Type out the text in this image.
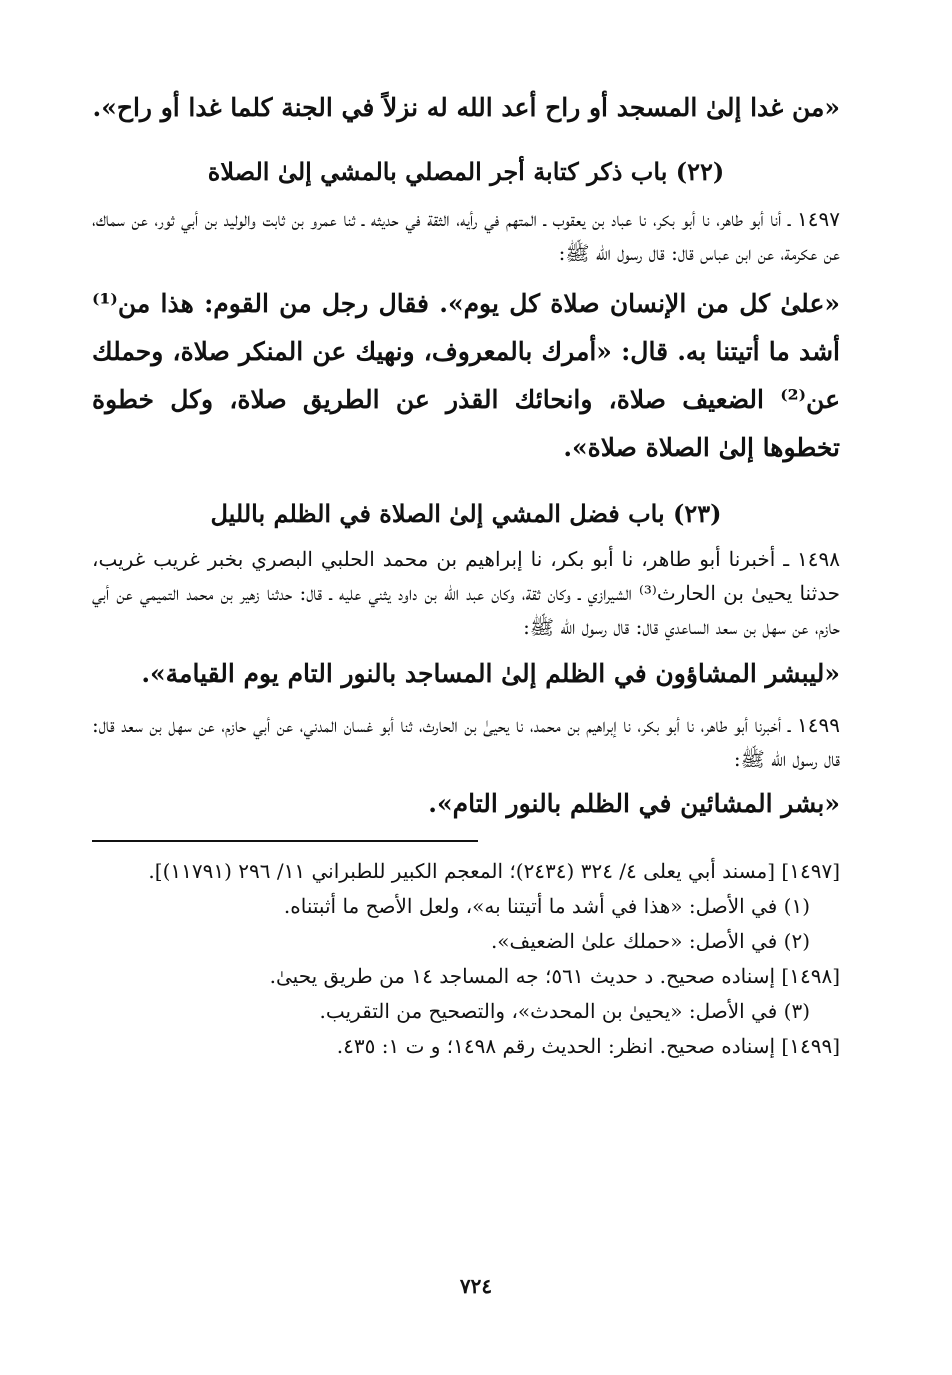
«من غدا إلىٰ المسجد أو راح أعد الله له نزلاً في الجنة كلما غدا أو راح».

(٢٢) باب ذكر كتابة أجر المصلي بالمشي إلىٰ الصلاة

١٤٩٧ ـ أنا أبو طاهر، نا أبو بكر، نا عباد بن يعقوب ـ المتهم في رأيه، الثقة في حديثه ـ ثنا عمرو بن ثابت والوليد بن أبي ثور، عن سماك، عن عكرمة، عن ابن عباس قال: قال رسول الله ﷺ:

«علىٰ كل من الإنسان صلاة كل يوم». فقال رجل من القوم: هذا من⁽¹⁾ أشد ما أتيتنا به. قال: «أمرك بالمعروف، ونهيك عن المنكر صلاة، وحملك عن⁽²⁾ الضعيف صلاة، وانحائك القذر عن الطريق صلاة، وكل خطوة تخطوها إلىٰ الصلاة صلاة».

(٢٣) باب فضل المشي إلىٰ الصلاة في الظلم بالليل

١٤٩٨ ـ أخبرنا أبو طاهر، نا أبو بكر، نا إبراهيم بن محمد الحلبي البصري بخبر غريب غريب، حدثنا يحيىٰ بن الحارث⁽³⁾ الشيرازي ـ وكان ثقة، وكان عبد الله بن داود يثني عليه ـ قال: حدثنا زهير بن محمد التميمي عن أبي حازم، عن سهل بن سعد الساعدي قال: قال رسول الله ﷺ:

«ليبشر المشاؤون في الظلم إلىٰ المساجد بالنور التام يوم القيامة».

١٤٩٩ ـ أخبرنا أبو طاهر، نا أبو بكر، نا إبراهيم بن محمد، نا يحيىٰ بن الحارث، ثنا أبو غسان المدني، عن أبي حازم، عن سهل بن سعد قال: قال رسول الله ﷺ:

«بشر المشائين في الظلم بالنور التام».

[١٤٩٧] [مسند أبي يعلى ٤/ ٣٢٤ (٢٤٣٤)؛ المعجم الكبير للطبراني ١١/ ٢٩٦ (١١٧٩١)].

(١) في الأصل: «هذا في أشد ما أتيتنا به»، ولعل الأصح ما أثبتناه.

(٢) في الأصل: «حملك علىٰ الضعيف».

[١٤٩٨] إسناده صحيح. د حديث ٥٦١؛ جه المساجد ١٤ من طريق يحيىٰ.

(٣) في الأصل: «يحيىٰ بن المحدث»، والتصحيح من التقريب.

[١٤٩٩] إسناده صحيح. انظر: الحديث رقم ١٤٩٨؛ و ت ١: ٤٣٥.

٧٢٤
